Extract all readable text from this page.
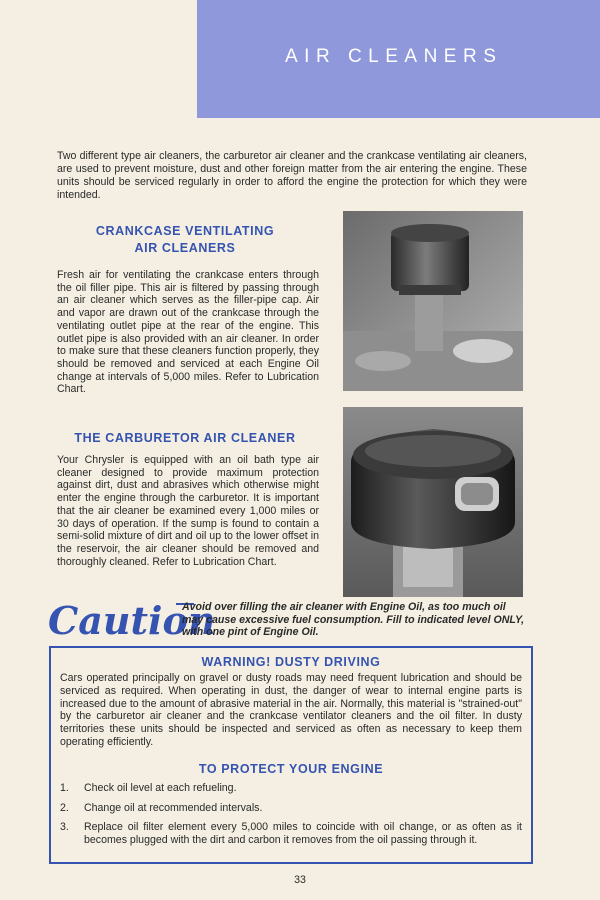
AIR CLEANERS
Two different type air cleaners, the carburetor air cleaner and the crankcase ventilating air cleaners, are used to prevent moisture, dust and other foreign matter from the air entering the engine. These units should be serviced regularly in order to afford the engine the protection for which they were intended.
CRANKCASE VENTILATING
AIR CLEANERS
Fresh air for ventilating the crankcase enters through the oil filler pipe. This air is filtered by passing through an air cleaner which serves as the filler-pipe cap. Air and vapor are drawn out of the crankcase through the ventilating outlet pipe at the rear of the engine. This outlet pipe is also provided with an air cleaner. In order to make sure that these cleaners function properly, they should be removed and serviced at each Engine Oil change at intervals of 5,000 miles. Refer to Lubrication Chart.
THE CARBURETOR AIR CLEANER
Your Chrysler is equipped with an oil bath type air cleaner designed to provide maximum protection against dirt, dust and abrasives which otherwise might enter the engine through the carburetor. It is important that the air cleaner be examined every 1,000 miles or 30 days of operation. If the sump is found to contain a semi-solid mixture of dirt and oil up to the lower offset in the reservoir, the air cleaner should be removed and thoroughly cleaned. Refer to Lubrication Chart.
Caution
Avoid over filling the air cleaner with Engine Oil, as too much oil may cause excessive fuel consumption. Fill to indicated level ONLY, with one pint of Engine Oil.
WARNING! DUSTY DRIVING
Cars operated principally on gravel or dusty roads may need frequent lubrication and should be serviced as required. When operating in dust, the danger of wear to internal engine parts is increased due to the amount of abrasive material in the air. Normally, this material is "strained-out" by the carburetor air cleaner and the crankcase ventilator cleaners and the oil filter. In dusty territories these units should be inspected and serviced as often as necessary to keep them operating efficiently.
TO PROTECT YOUR ENGINE
1. Check oil level at each refueling.
2. Change oil at recommended intervals.
3. Replace oil filter element every 5,000 miles to coincide with oil change, or as often as it becomes plugged with the dirt and carbon it removes from the oil passing through it.
33
